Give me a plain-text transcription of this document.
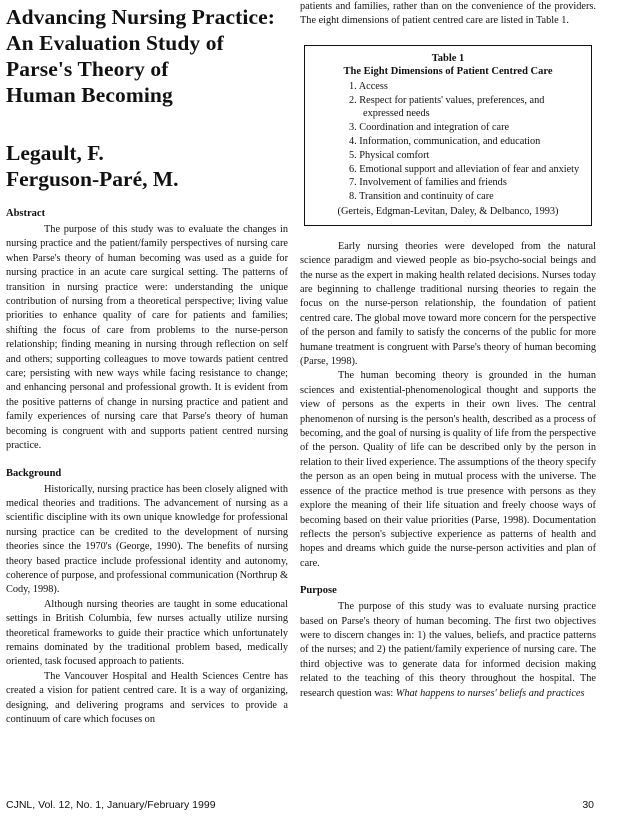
Advancing Nursing Practice:
An Evaluation Study of
Parse's Theory of
Human Becoming
Legault, F.
Ferguson-Paré, M.
Abstract

The purpose of this study was to evaluate the changes in nursing practice and the patient/family perspectives of nursing care when Parse's theory of human becoming was used as a guide for nursing practice in an acute care surgical setting. The patterns of transition in nursing practice were: understanding the unique contribution of nursing from a theoretical perspective; living value priorities to enhance quality of care for patients and families; shifting the focus of care from problems to the nurse-person relationship; finding meaning in nursing through reflection on self and others; supporting colleagues to move towards patient centred care; persisting with new ways while facing resistance to change; and enhancing personal and professional growth. It is evident from the positive patterns of change in nursing practice and patient and family experiences of nursing care that Parse's theory of human becoming is congruent with and supports patient centred nursing practice.

Background

Historically, nursing practice has been closely aligned with medical theories and traditions. The advancement of nursing as a scientific discipline with its own unique knowledge for professional nursing practice can be credited to the development of nursing theories since the 1970's (George, 1990). The benefits of nursing theory based practice include professional identity and autonomy, coherence of purpose, and professional communication (Northrup & Cody, 1998).

Although nursing theories are taught in some educational settings in British Columbia, few nurses actually utilize nursing theoretical frameworks to guide their practice which unfortunately remains dominated by the traditional problem based, medically oriented, task focused approach to patients.

The Vancouver Hospital and Health Sciences Centre has created a vision for patient centred care. It is a way of organizing, designing, and delivering programs and services to provide a continuum of care which focuses on

patients and families, rather than on the convenience of the providers. The eight dimensions of patient centred care are listed in Table 1.

Table 1
The Eight Dimensions of Patient Centred Care
1. Access
2. Respect for patients' values, preferences, and expressed needs
3. Coordination and integration of care
4. Information, communication, and education
5. Physical comfort
6. Emotional support and alleviation of fear and anxiety
7. Involvement of families and friends
8. Transition and continuity of care
(Gerteis, Edgman-Levitan, Daley, & Delbanco, 1993)

Early nursing theories were developed from the natural science paradigm and viewed people as bio-psycho-social beings and the nurse as the expert in making health related decisions. Nurses today are beginning to challenge traditional nursing theories to regain the focus on the nurse-person relationship, the foundation of patient centred care. The global move toward more concern for the perspective of the person and family to satisfy the concerns of the public for more humane treatment is congruent with Parse's theory of human becoming (Parse, 1998).

The human becoming theory is grounded in the human sciences and existential-phenomenological thought and supports the view of persons as the experts in their own lives. The central phenomenon of nursing is the person's health, described as a process of becoming, and the goal of nursing is quality of life from the perspective of the person. Quality of life can be described only by the person in relation to their lived experience. The assumptions of the theory specify the person as an open being in mutual process with the universe. The essence of the practice method is true presence with persons as they explore the meaning of their life situation and freely choose ways of becoming based on their value priorities (Parse, 1998). Documentation reflects the person's subjective experience as patterns of health and hopes and dreams which guide the nurse-person activities and plan of care.

Purpose

The purpose of this study was to evaluate nursing practice based on Parse's theory of human becoming. The first two objectives were to discern changes in: 1) the values, beliefs, and practice patterns of the nurses; and 2) the patient/family experience of nursing care. The third objective was to generate data for informed decision making related to the teaching of this theory throughout the hospital. The research question was: What happens to nurses' beliefs and practices

CJNL, Vol. 12, No. 1, January/February 1999	30
